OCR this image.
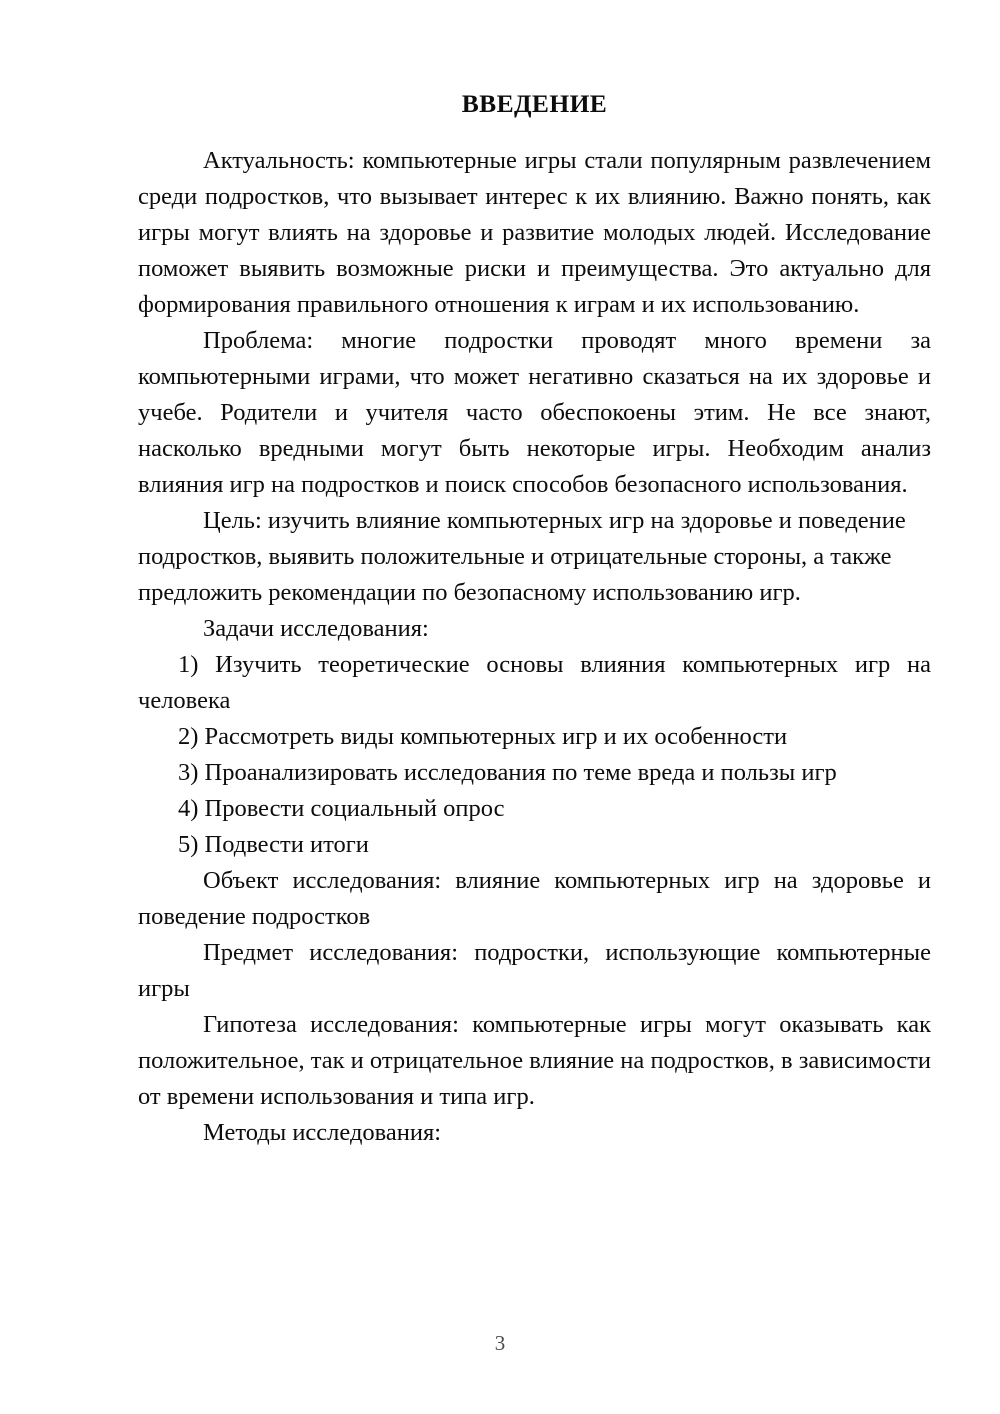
ВВЕДЕНИЕ

Актуальность: компьютерные игры стали популярным развлечением среди подростков, что вызывает интерес к их влиянию. Важно понять, как игры могут влиять на здоровье и развитие молодых людей. Исследование поможет выявить возможные риски и преимущества. Это актуально для формирования правильного отношения к играм и их использованию.

Проблема: многие подростки проводят много времени за компьютерными играми, что может негативно сказаться на их здоровье и учебе. Родители и учителя часто обеспокоены этим. Не все знают, насколько вредными могут быть некоторые игры. Необходим анализ влияния игр на подростков и поиск способов безопасного использования.

Цель: изучить влияние компьютерных игр на здоровье и поведение подростков, выявить положительные и отрицательные стороны, а также предложить рекомендации по безопасному использованию игр.

Задачи исследования:

1) Изучить теоретические основы влияния компьютерных игр на человека

2) Рассмотреть виды компьютерных игр и их особенности

3) Проанализировать исследования по теме вреда и пользы игр

4) Провести социальный опрос

5) Подвести итоги

Объект исследования: влияние компьютерных игр на здоровье и поведение подростков

Предмет исследования: подростки, использующие компьютерные игры

Гипотеза исследования: компьютерные игры могут оказывать как положительное, так и отрицательное влияние на подростков, в зависимости от времени использования и типа игр.

Методы исследования:

3
